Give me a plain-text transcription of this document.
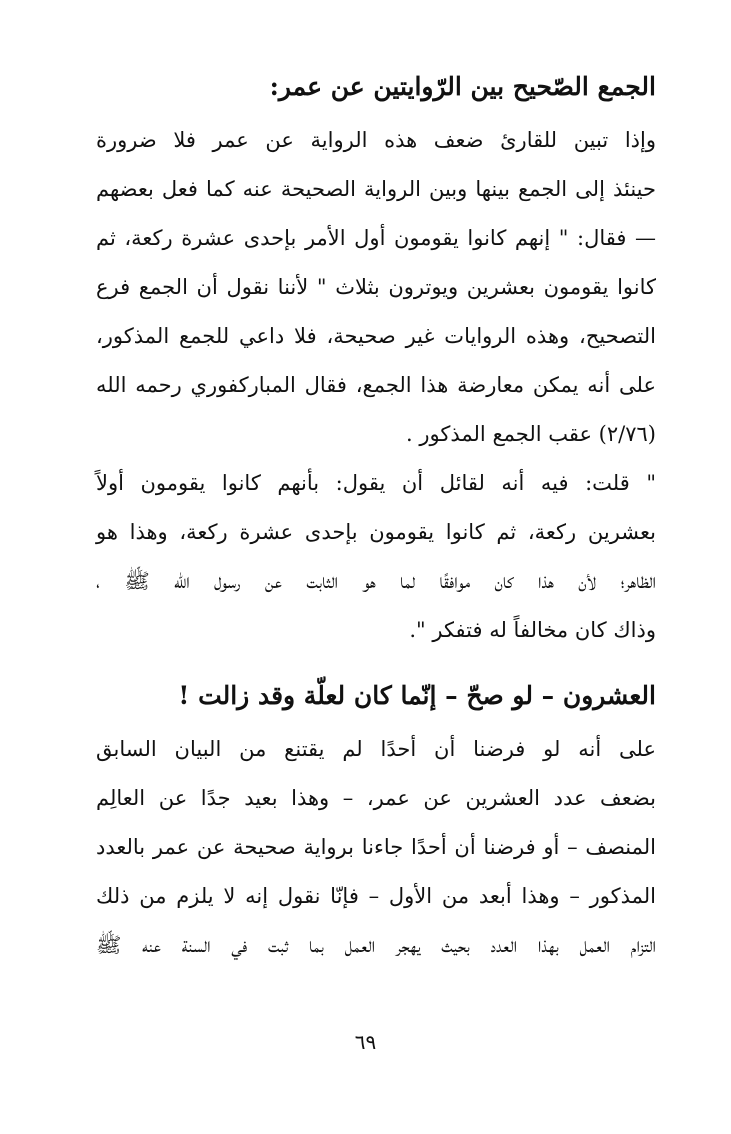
الجمع الصّحيح بين الرّوايتين عن عمر:
وإذا تبين للقارئ ضعف هذه الرواية عن عمر فلا ضرورة
حينئذ إلى الجمع بينها وبين الرواية الصحيحة عنه كما فعل بعضهم
— فقال: " إنهم كانوا يقومون أول الأمر بإحدى عشرة ركعة، ثم
كانوا يقومون بعشرين ويوترون بثلاث " لأننا نقول أن الجمع فرع
التصحيح، وهذه الروايات غير صحيحة، فلا داعي للجمع المذكور،
على أنه يمكن معارضة هذا الجمع، فقال المباركفوري رحمه الله
(٢/٧٦) عقب الجمع المذكور .
" قلت: فيه أنه لقائل أن يقول: بأنهم كانوا يقومون أولاً
بعشرين ركعة، ثم كانوا يقومون بإحدى عشرة ركعة، وهذا هو
الظاهر؛ لأن هذا كان موافقًا لما هو الثابت عن رسول الله ﷺ ،
وذاك كان مخالفاً له فتفكر ".
العشرون – لو صحّ – إنّما كان لعلّة وقد زالت !
على أنه لو فرضنا أن أحدًا لم يقتنع من البيان السابق
بضعف عدد العشرين عن عمر، – وهذا بعيد جدًا عن العالِم
المنصف – أو فرضنا أن أحدًا جاءنا برواية صحيحة عن عمر بالعدد
المذكور – وهذا أبعد من الأول – فإنّا نقول إنه لا يلزم من ذلك
التزام العمل بهذا العدد بحيث يهجر العمل بما ثبت في السنة عنه ﷺ
٦٩
